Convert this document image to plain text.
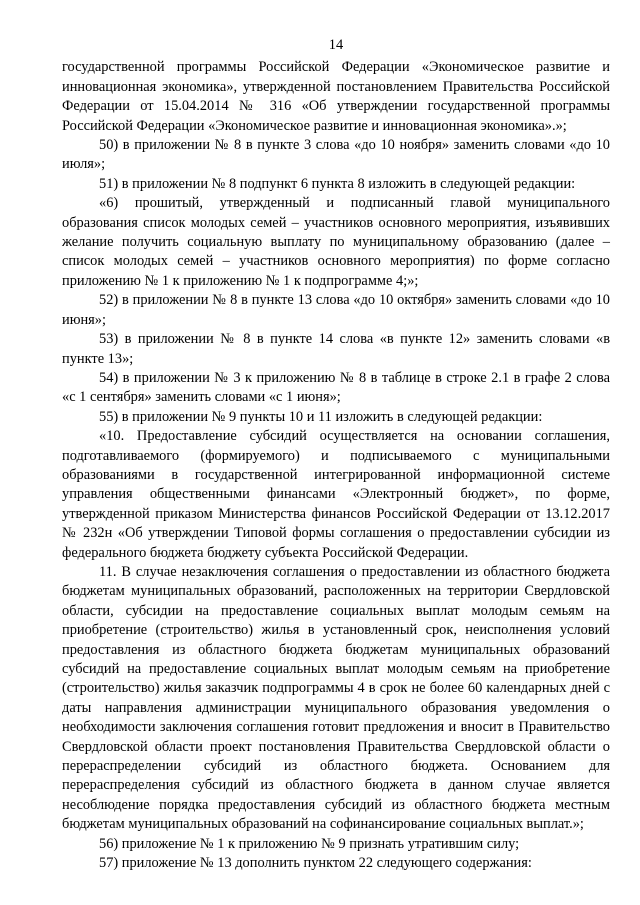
14

государственной программы Российской Федерации «Экономическое развитие и инновационная экономика», утвержденной постановлением Правительства Российской Федерации от 15.04.2014 № 316 «Об утверждении государственной программы Российской Федерации «Экономическое развитие и инновационная экономика».»;

50) в приложении № 8 в пункте 3 слова «до 10 ноября» заменить словами «до 10 июля»;

51) в приложении № 8 подпункт 6 пункта 8 изложить в следующей редакции:

«6) прошитый, утвержденный и подписанный главой муниципального образования список молодых семей – участников основного мероприятия, изъявивших желание получить социальную выплату по муниципальному образованию (далее – список молодых семей – участников основного мероприятия) по форме согласно приложению № 1 к приложению № 1 к подпрограмме 4;»;

52) в приложении № 8 в пункте 13 слова «до 10 октября» заменить словами «до 10 июня»;

53) в приложении № 8 в пункте 14 слова «в пункте 12» заменить словами «в пункте 13»;

54) в приложении № 3 к приложению № 8 в таблице в строке 2.1 в графе 2 слова «с 1 сентября» заменить словами «с 1 июня»;

55) в приложении № 9 пункты 10 и 11 изложить в следующей редакции:

«10. Предоставление субсидий осуществляется на основании соглашения, подготавливаемого (формируемого) и подписываемого с муниципальными образованиями в государственной интегрированной информационной системе управления общественными финансами «Электронный бюджет», по форме, утвержденной приказом Министерства финансов Российской Федерации от 13.12.2017 № 232н «Об утверждении Типовой формы соглашения о предоставлении субсидии из федерального бюджета бюджету субъекта Российской Федерации.

11. В случае незаключения соглашения о предоставлении из областного бюджета бюджетам муниципальных образований, расположенных на территории Свердловской области, субсидии на предоставление социальных выплат молодым семьям на приобретение (строительство) жилья в установленный срок, неисполнения условий предоставления из областного бюджета бюджетам муниципальных образований субсидий на предоставление социальных выплат молодым семьям на приобретение (строительство) жилья заказчик подпрограммы 4 в срок не более 60 календарных дней с даты направления администрации муниципального образования уведомления о необходимости заключения соглашения готовит предложения и вносит в Правительство Свердловской области проект постановления Правительства Свердловской области о перераспределении субсидий из областного бюджета. Основанием для перераспределения субсидий из областного бюджета в данном случае является несоблюдение порядка предоставления субсидий из областного бюджета местным бюджетам муниципальных образований на софинансирование социальных выплат.»;

56) приложение № 1 к приложению № 9 признать утратившим силу;

57) приложение № 13 дополнить пунктом 22 следующего содержания:
